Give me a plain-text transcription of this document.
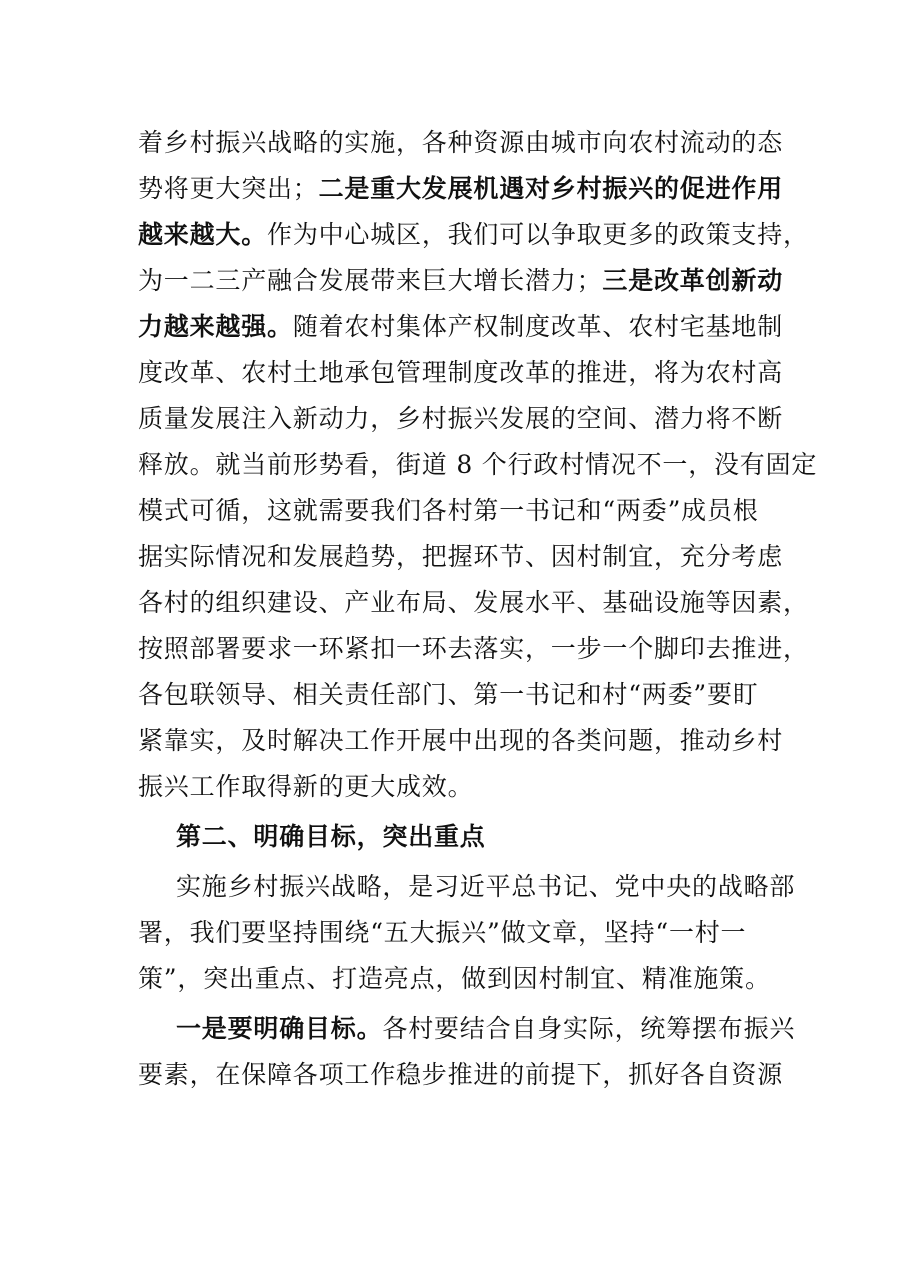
着乡村振兴战略的实施，各种资源由城市向农村流动的态
势将更大突出；二是重大发展机遇对乡村振兴的促进作用
越来越大。作为中心城区，我们可以争取更多的政策支持，
为一二三产融合发展带来巨大增长潜力；三是改革创新动
力越来越强。随着农村集体产权制度改革、农村宅基地制
度改革、农村土地承包管理制度改革的推进，将为农村高
质量发展注入新动力，乡村振兴发展的空间、潜力将不断
释放。就当前形势看，街道 8 个行政村情况不一，没有固定
模式可循，这就需要我们各村第一书记和“两委”成员根
据实际情况和发展趋势，把握环节、因村制宜，充分考虑
各村的组织建设、产业布局、发展水平、基础设施等因素，
按照部署要求一环紧扣一环去落实，一步一个脚印去推进，
各包联领导、相关责任部门、第一书记和村“两委”要盯
紧靠实，及时解决工作开展中出现的各类问题，推动乡村
振兴工作取得新的更大成效。
第二、明确目标，突出重点
实施乡村振兴战略，是习近平总书记、党中央的战略部
署，我们要坚持围绕“五大振兴”做文章，坚持“一村一
策”，突出重点、打造亮点，做到因村制宜、精准施策。
一是要明确目标。各村要结合自身实际，统筹摆布振兴
要素，在保障各项工作稳步推进的前提下，抓好各自资源
